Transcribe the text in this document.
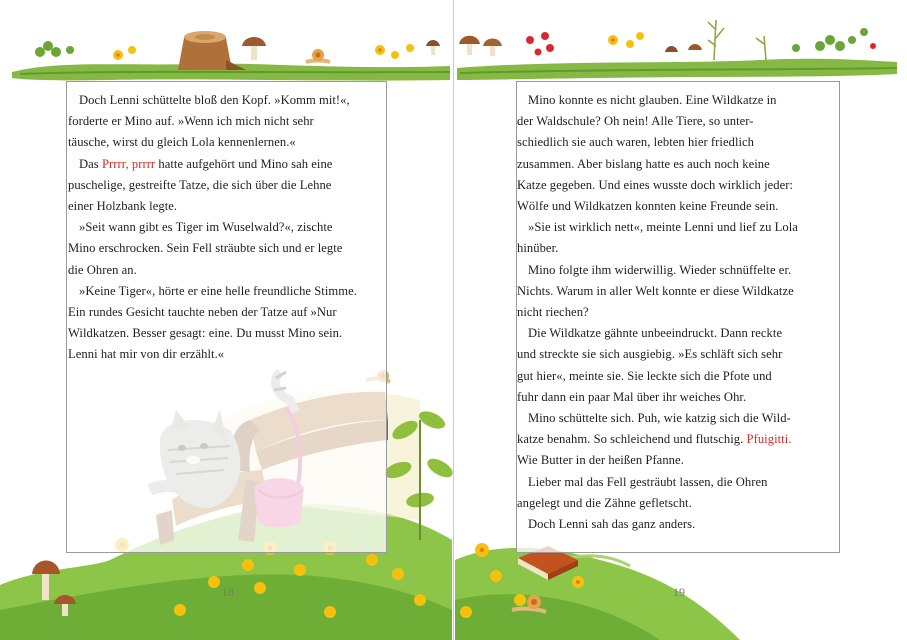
Doch Lenni schüttelte bloß den Kopf. »Komm mit!«,
forderte er Mino auf. »Wenn ich mich nicht sehr
täusche, wirst du gleich Lola kennenlernen.«

Das Prrrr, prrrr hatte aufgehört und Mino sah eine
puschelige, gestreifte Tatze, die sich über die Lehne
einer Holzbank legte.

»Seit wann gibt es Tiger im Wuselwald?«, zischte
Mino erschrocken. Sein Fell sträubte sich und er legte
die Ohren an.

»Keine Tiger«, hörte er eine helle freundliche Stimme.
Ein rundes Gesicht tauchte neben der Tatze auf »Nur
Wildkatzen. Besser gesagt: eine. Du musst Mino sein.
Lenni hat mir von dir erzählt.«

Mino konnte es nicht glauben. Eine Wildkatze in
der Waldschule? Oh nein! Alle Tiere, so unter-
schiedlich sie auch waren, lebten hier friedlich
zusammen. Aber bislang hatte es auch noch keine
Katze gegeben. Und eines wusste doch wirklich jeder:
Wölfe und Wildkatzen konnten keine Freunde sein.

»Sie ist wirklich nett«, meinte Lenni und lief zu Lola
hinüber.

Mino folgte ihm widerwillig. Wieder schnüffelte er.
Nichts. Warum in aller Welt konnte er diese Wildkatze
nicht riechen?

Die Wildkatze gähnte unbeeindruckt. Dann reckte
und streckte sie sich ausgiebig. »Es schläft sich sehr
gut hier«, meinte sie. Sie leckte sich die Pfote und
fuhr dann ein paar Mal über ihr weiches Ohr.

Mino schüttelte sich. Puh, wie katzig sich die Wild-
katze benahm. So schleichend und flutschig. Pfuigitti.
Wie Butter in der heißen Pfanne.

Lieber mal das Fell gesträubt lassen, die Ohren
angelegt und die Zähne gefletscht.

Doch Lenni sah das ganz anders.

18	19
